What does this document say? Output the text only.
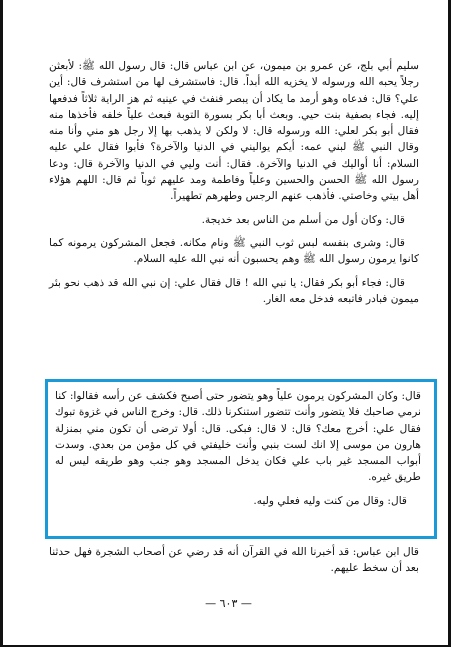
سليم أبي بلج، عن عمرو بن ميمون، عن ابن عباس قال: قال رسول الله ﷺ: لأبعثن رجلاً يحبه الله ورسوله لا يخزيه الله أبداً. قال: فاستشرف لها من استشرف قال: أين علي؟ قال: فدعاه وهو أرمد ما يكاد أن يبصر فنفث في عينيه ثم هز الراية ثلاثاً فدفعها إليه. فجاء بصفية بنت حيي. وبعث أبا بكر بسورة التوبة فبعث علياً خلفه فأخذها منه فقال أبو بكر لعلي: الله ورسوله قال: لا ولكن لا يذهب بها إلا رجل هو مني وأنا منه وقال النبي ﷺ لبني عمه: أيكم يواليني في الدنيا والآخرة؟ فأبوا فقال علي عليه السلام: أنا أواليك في الدنيا والآخرة. فقال: أنت وليي في الدنيا والآخرة قال: ودعا رسول الله ﷺ الحسن والحسين وعلياً وفاطمة ومد عليهم ثوباً ثم قال: اللهم هؤلاء أهل بيتي وخاصتي. فأذهب عنهم الرجس وطهرهم تطهيراً.

قال: وكان أول من أسلم من الناس بعد خديجة.

قال: وشرى بنفسه لبس ثوب النبي ﷺ ونام مكانه. فجعل المشركون يرمونه كما كانوا يرمون رسول الله ﷺ وهم يحسبون أنه نبي الله عليه السلام.

قال: فجاء أبو بكر فقال: يا نبي الله ! قال فقال علي: إن نبي الله قد ذهب نحو بئر ميمون فبادر فاتبعه فدخل معه الغار.

قال: وكان المشركون يرمون علياً وهو يتضور حتى أصبح فكشف عن رأسه فقالوا: كنا نرمي صاحبك فلا يتضور وأنت تتضور استنكرنا ذلك. قال: وخرج الناس في غزوة تبوك فقال علي: أخرج معك؟ قال: لا قال: فبكى. قال: أولا ترضى أن تكون مني بمنزلة هارون من موسى إلا انك لست بنبي وأنت خليفتي في كل مؤمن من بعدي. وسدت أبواب المسجد غير باب علي فكان يدخل المسجد وهو جنب وهو طريقه ليس له طريق غيره.

قال: وقال من كنت وليه فعلي وليه.

قال ابن عباس: قد أخبرنا الله في القرآن أنه قد رضي عن أصحاب الشجرة فهل حدثنا بعد أن سخط عليهم.

— ٦٠٣ —
